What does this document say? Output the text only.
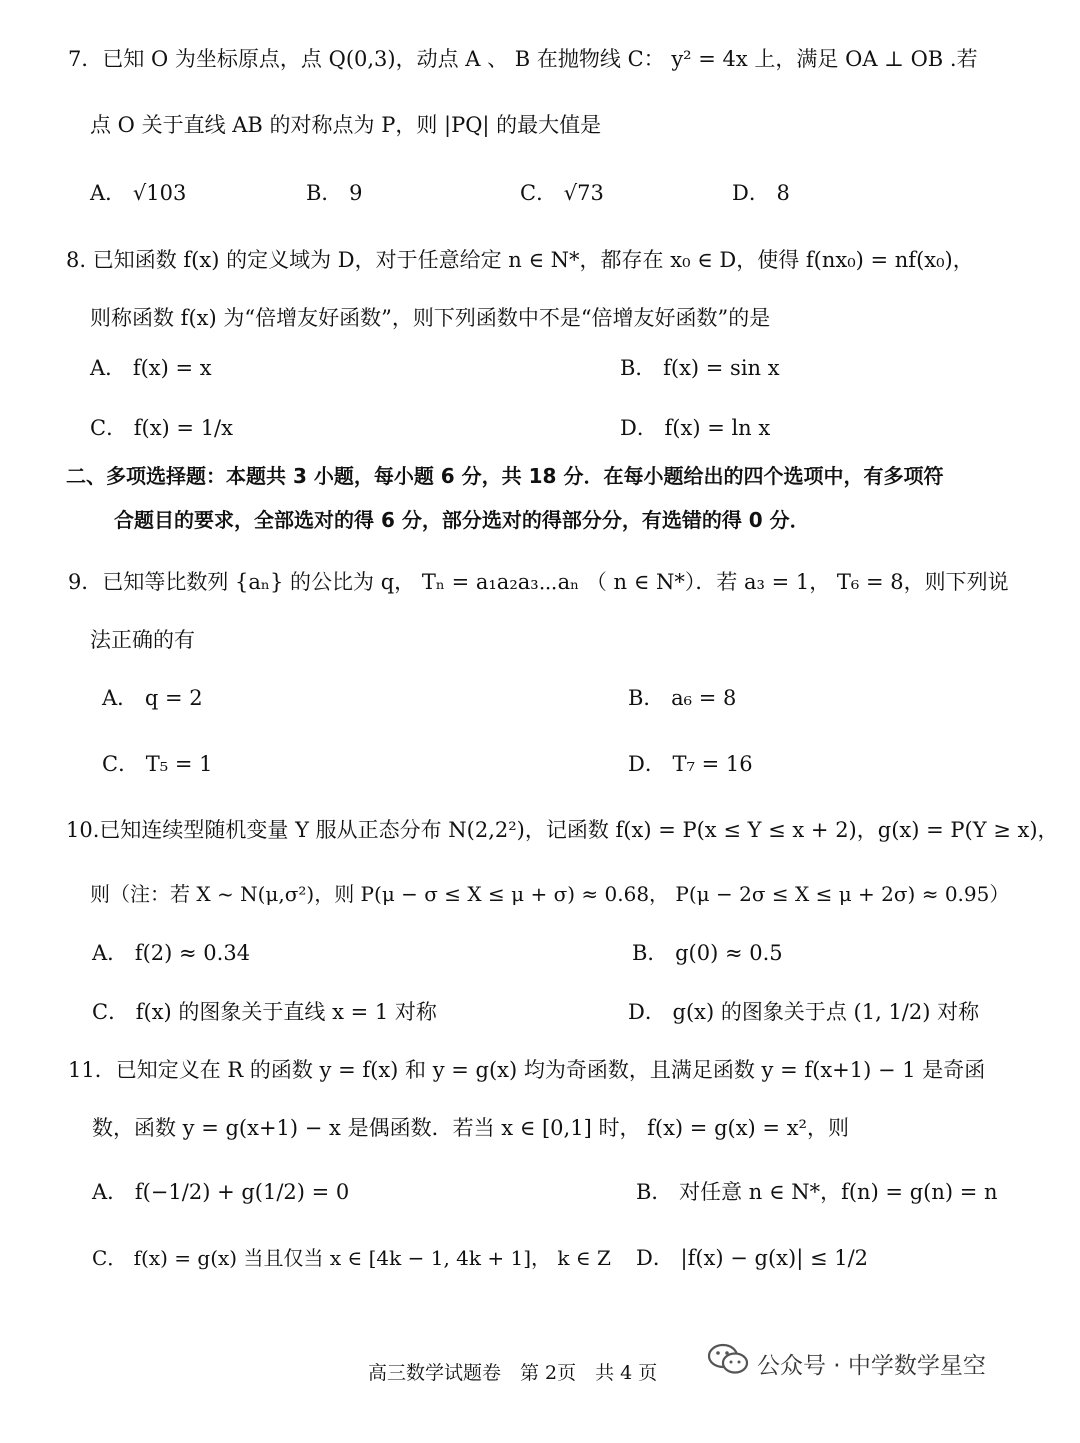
7．已知 O 为坐标原点，点 Q(0,3)，动点 A 、 B 在抛物线 C： y² = 4x 上，满足 OA ⊥ OB .若
点 O 关于直线 AB 的对称点为 P，则 |PQ| 的最大值是
A． √103	B． 9	C． √73	D． 8
8. 已知函数 f(x) 的定义域为 D，对于任意给定 n ∈ N*，都存在 x₀ ∈ D，使得 f(nx₀) = nf(x₀)，
则称函数 f(x) 为“倍增友好函数”，则下列函数中不是“倍增友好函数”的是
A． f(x) = x	B． f(x) = sin x
C． f(x) = 1/x	D． f(x) = ln x
二、多项选择题：本题共 3 小题，每小题 6 分，共 18 分．在每小题给出的四个选项中，有多项符
合题目的要求，全部选对的得 6 分，部分选对的得部分分，有选错的得 0 分．
9．已知等比数列 {aₙ} 的公比为 q， Tₙ = a₁a₂a₃⋯aₙ （ n ∈ N*）．若 a₃ = 1， T₆ = 8，则下列说
法正确的有
A． q = 2	B． a₆ = 8
C． T₅ = 1	D． T₇ = 16
10.已知连续型随机变量 Y 服从正态分布 N(2,2²)，记函数 f(x) = P(x ≤ Y ≤ x + 2)，g(x) = P(Y ≥ x)，
则（注：若 X ~ N(μ,σ²)，则 P(μ − σ ≤ X ≤ μ + σ) ≈ 0.68， P(μ − 2σ ≤ X ≤ μ + 2σ) ≈ 0.95）
A． f(2) ≈ 0.34	B． g(0) ≈ 0.5
C． f(x) 的图象关于直线 x = 1 对称	D． g(x) 的图象关于点 (1, 1/2) 对称
11．已知定义在 R 的函数 y = f(x) 和 y = g(x) 均为奇函数，且满足函数 y = f(x+1) − 1 是奇函
数，函数 y = g(x+1) − x 是偶函数．若当 x ∈ [0,1] 时， f(x) = g(x) = x²，则
A． f(−1/2) + g(1/2) = 0	B． 对任意 n ∈ N*，f(n) = g(n) = n
C． f(x) = g(x) 当且仅当 x ∈ [4k − 1, 4k + 1]， k ∈ Z D． |f(x) − g(x)| ≤ 1/2
高三数学试题卷　第 2页　共 4 页	公众号 · 中学数学星空
